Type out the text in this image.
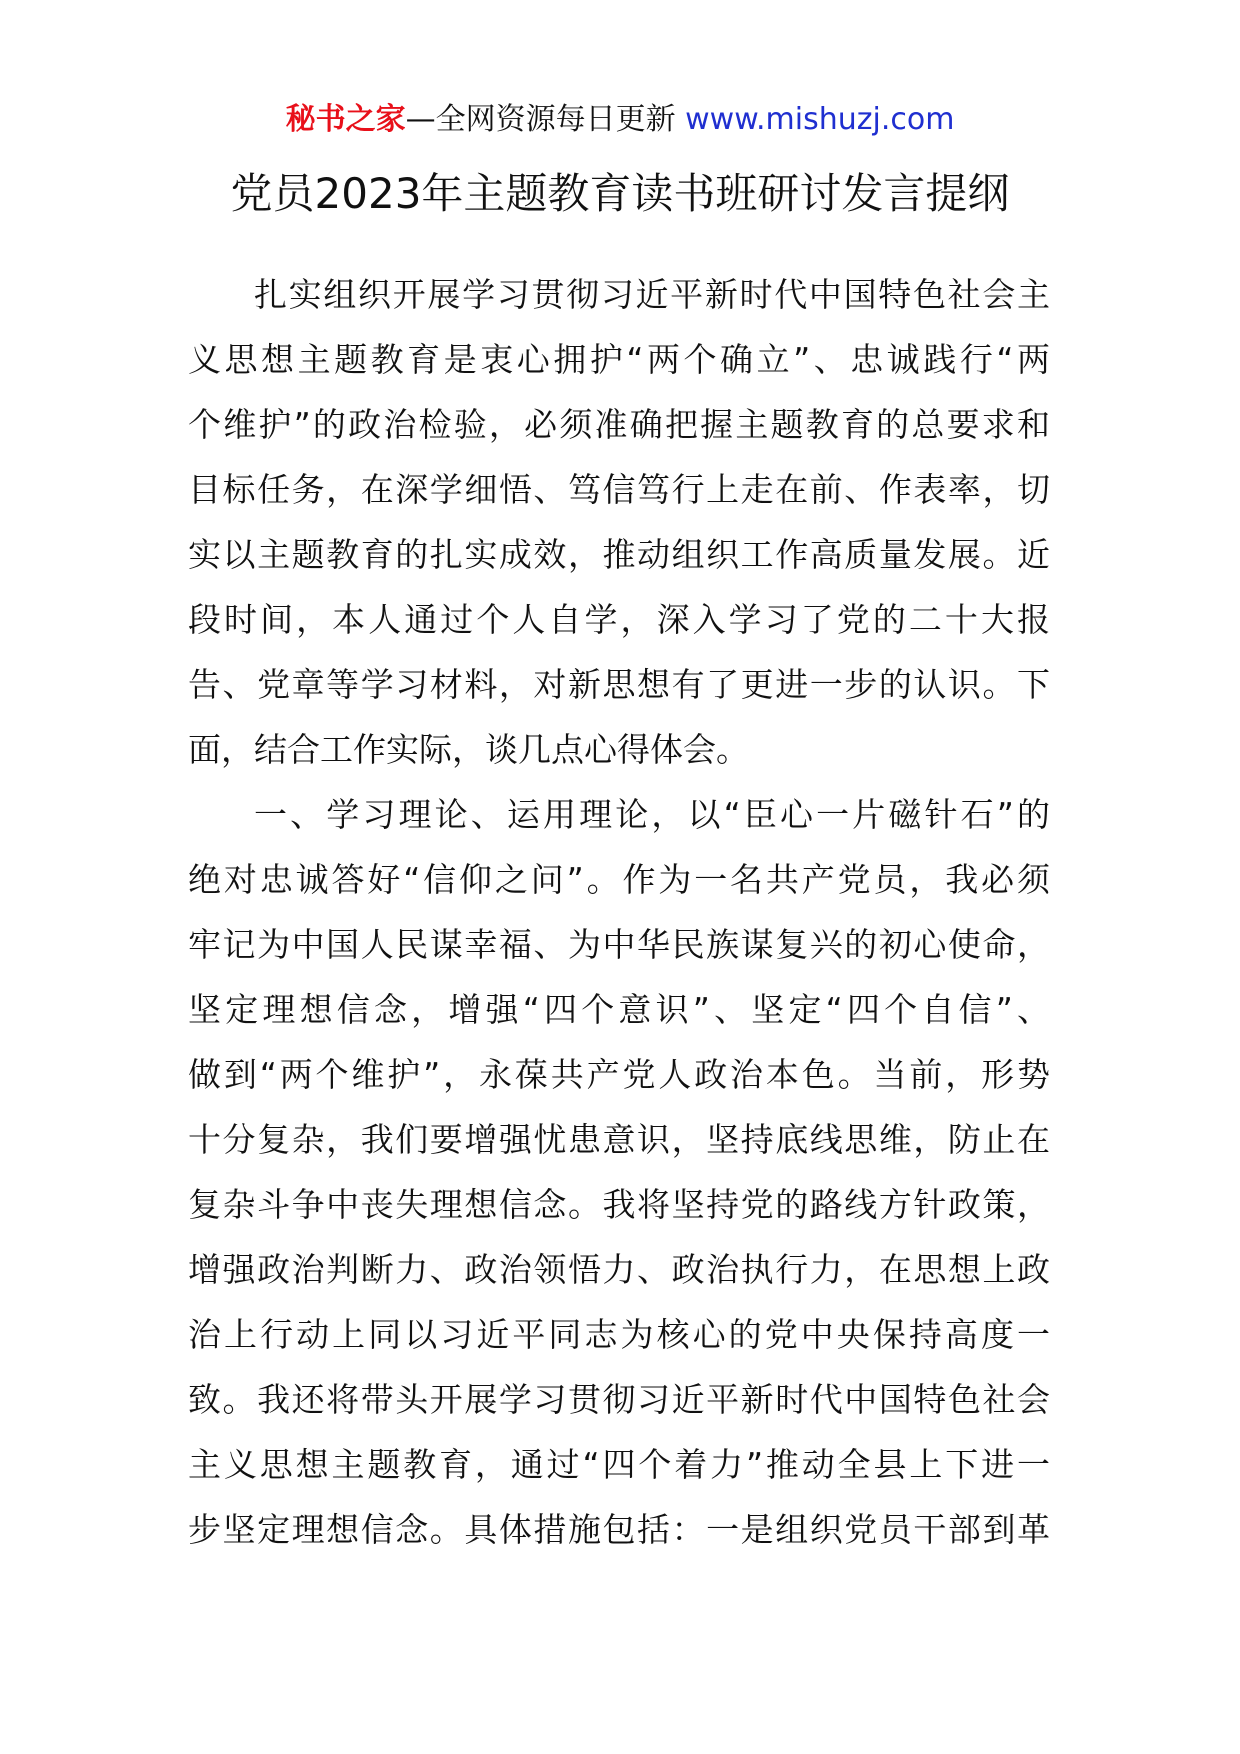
秘书之家—全网资源每日更新 www.mishuzj.com
党员2023年主题教育读书班研讨发言提纲
扎实组织开展学习贯彻习近平新时代中国特色社会主
义思想主题教育是衷心拥护“两个确立”、忠诚践行“两
个维护”的政治检验，必须准确把握主题教育的总要求和
目标任务，在深学细悟、笃信笃行上走在前、作表率，切
实以主题教育的扎实成效，推动组织工作高质量发展。近
段时间，本人通过个人自学，深入学习了党的二十大报
告、党章等学习材料，对新思想有了更进一步的认识。下
面，结合工作实际，谈几点心得体会。
一、学习理论、运用理论，以“臣心一片磁针石”的
绝对忠诚答好“信仰之问”。作为一名共产党员，我必须
牢记为中国人民谋幸福、为中华民族谋复兴的初心使命，
坚定理想信念，增强“四个意识”、坚定“四个自信”、
做到“两个维护”，永葆共产党人政治本色。当前，形势
十分复杂，我们要增强忧患意识，坚持底线思维，防止在
复杂斗争中丧失理想信念。我将坚持党的路线方针政策，
增强政治判断力、政治领悟力、政治执行力，在思想上政
治上行动上同以习近平同志为核心的党中央保持高度一
致。我还将带头开展学习贯彻习近平新时代中国特色社会
主义思想主题教育，通过“四个着力”推动全县上下进一
步坚定理想信念。具体措施包括：一是组织党员干部到革
